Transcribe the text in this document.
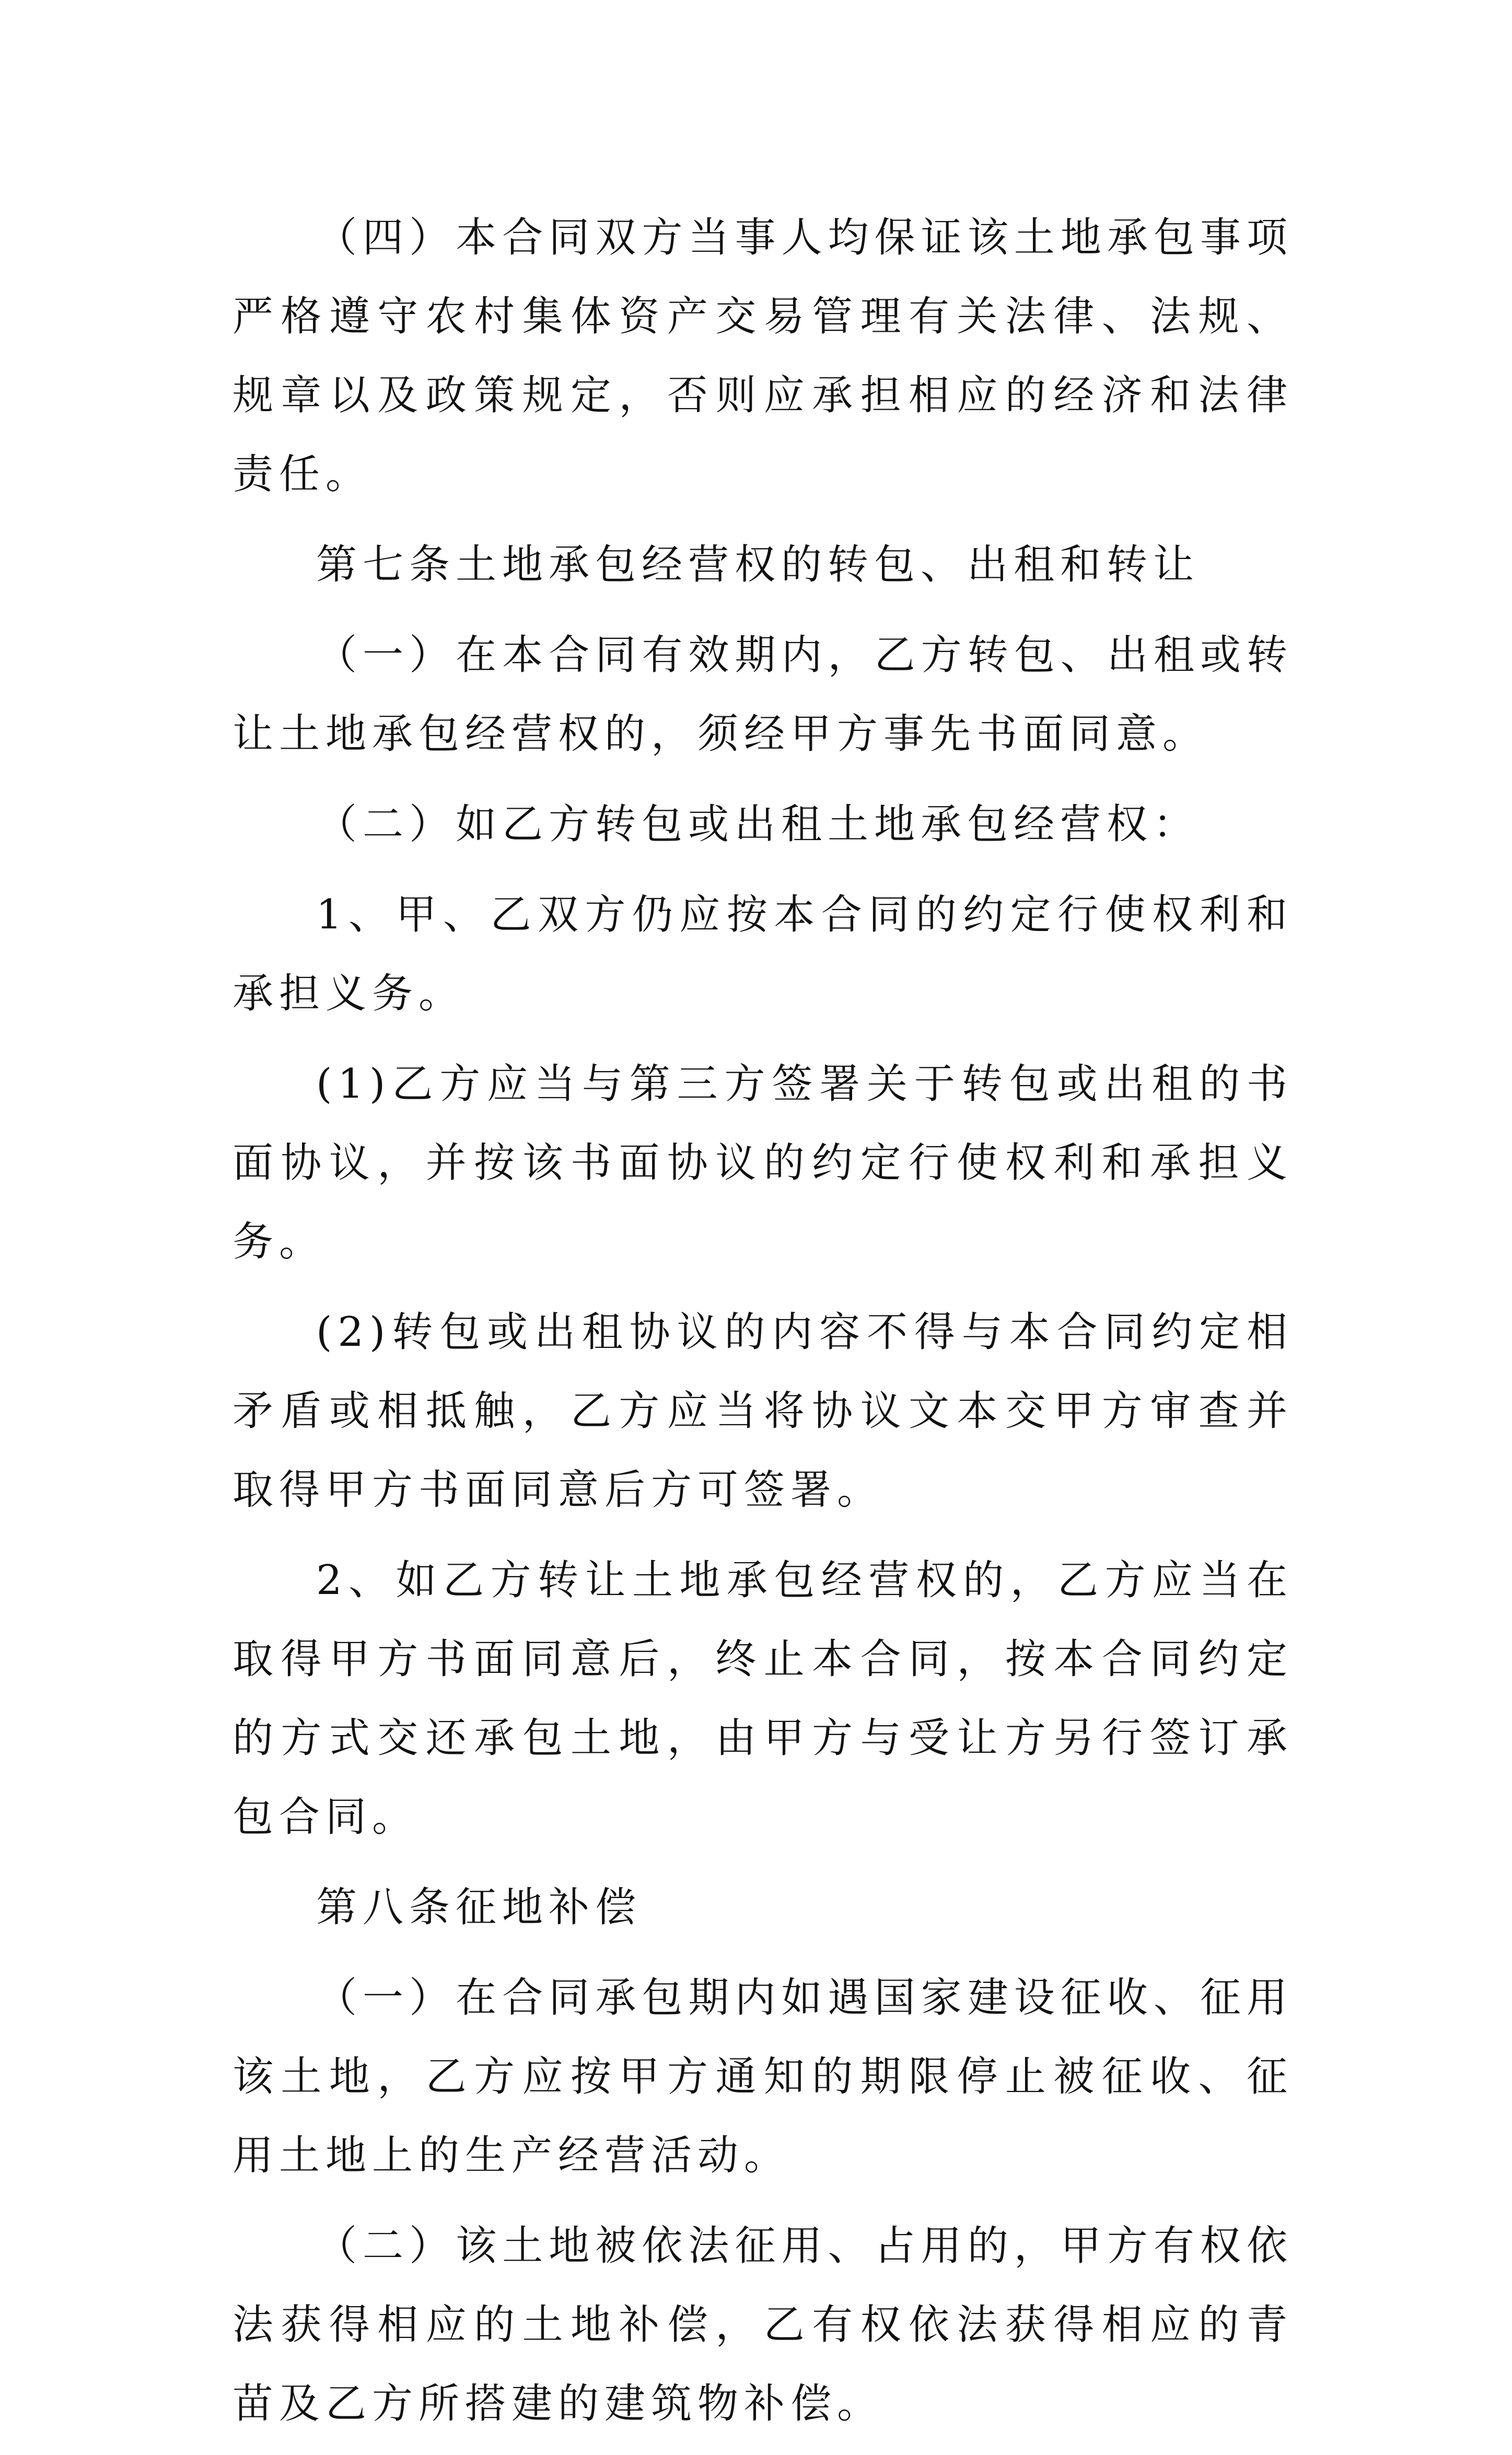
（四）本合同双方当事人均保证该土地承包事项严格遵守农村集体资产交易管理有关法律、法规、规章以及政策规定，否则应承担相应的经济和法律责任。

第七条土地承包经营权的转包、出租和转让

（一）在本合同有效期内，乙方转包、出租或转让土地承包经营权的，须经甲方事先书面同意。

（二）如乙方转包或出租土地承包经营权：

1、甲、乙双方仍应按本合同的约定行使权利和承担义务。

(1)乙方应当与第三方签署关于转包或出租的书面协议，并按该书面协议的约定行使权利和承担义务。

(2)转包或出租协议的内容不得与本合同约定相矛盾或相抵触，乙方应当将协议文本交甲方审查并取得甲方书面同意后方可签署。

2、如乙方转让土地承包经营权的，乙方应当在取得甲方书面同意后，终止本合同，按本合同约定的方式交还承包土地，由甲方与受让方另行签订承包合同。

第八条征地补偿

（一）在合同承包期内如遇国家建设征收、征用该土地，乙方应按甲方通知的期限停止被征收、征用土地上的生产经营活动。

（二）该土地被依法征用、占用的，甲方有权依法获得相应的土地补偿，乙有权依法获得相应的青苗及乙方所搭建的建筑物补偿。
